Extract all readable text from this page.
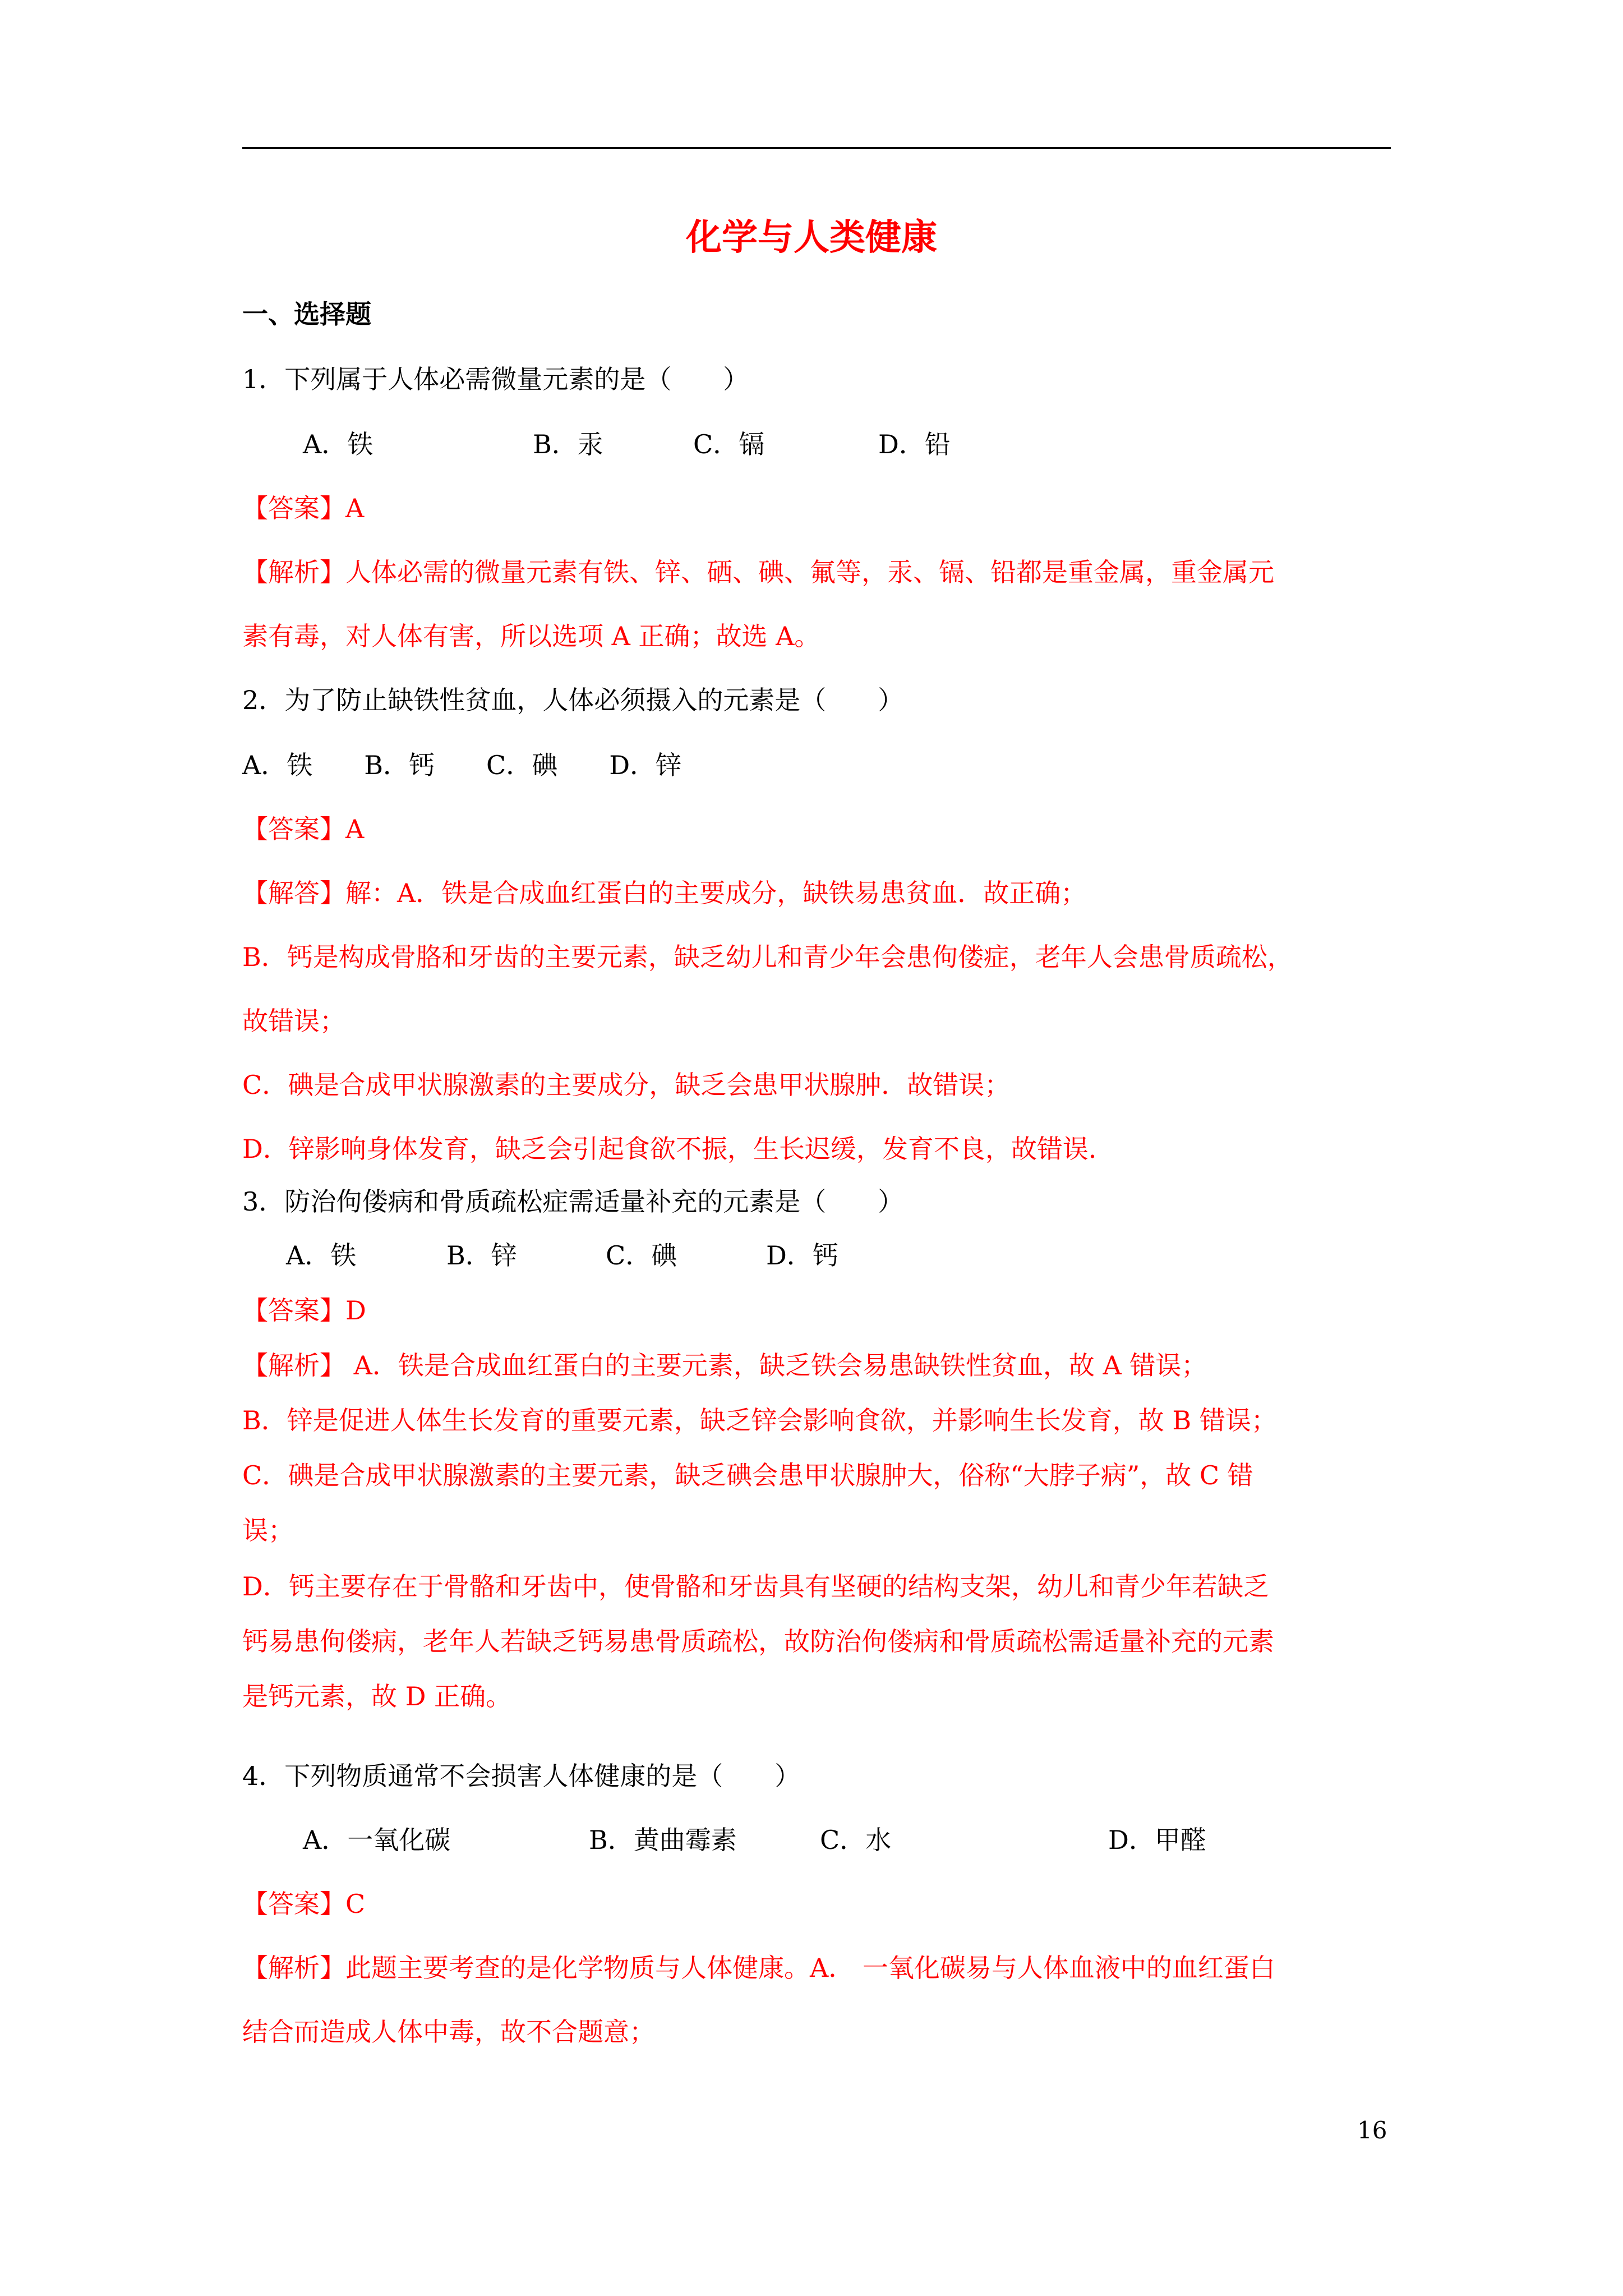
化学与人类健康
一、选择题
1．下列属于人体必需微量元素的是（　　）
A．铁	B．汞	C．镉	D．铅
【答案】A
【解析】人体必需的微量元素有铁、锌、硒、碘、氟等，汞、镉、铅都是重金属，重金属元
素有毒，对人体有害，所以选项 A 正确；故选 A。
2．为了防止缺铁性贫血，人体必须摄入的元素是（　　）
A．铁　　B．钙　　C．碘　　D．锌
【答案】A
【解答】解：A．铁是合成血红蛋白的主要成分，缺铁易患贫血．故正确；
B．钙是构成骨胳和牙齿的主要元素，缺乏幼儿和青少年会患佝偻症，老年人会患骨质疏松，
故错误；
C．碘是合成甲状腺激素的主要成分，缺乏会患甲状腺肿．故错误；
D．锌影响身体发育，缺乏会引起食欲不振，生长迟缓，发育不良，故错误．
3．防治佝偻病和骨质疏松症需适量补充的元素是（　　）
A．铁	B．锌	C．碘	D．钙
【答案】D
【解析】 A．铁是合成血红蛋白的主要元素，缺乏铁会易患缺铁性贫血，故 A 错误；
B．锌是促进人体生长发育的重要元素，缺乏锌会影响食欲，并影响生长发育，故 B 错误；
C．碘是合成甲状腺激素的主要元素，缺乏碘会患甲状腺肿大，俗称“大脖子病”，故 C 错
误；
D．钙主要存在于骨骼和牙齿中，使骨骼和牙齿具有坚硬的结构支架，幼儿和青少年若缺乏
钙易患佝偻病，老年人若缺乏钙易患骨质疏松，故防治佝偻病和骨质疏松需适量补充的元素
是钙元素，故 D 正确。
4．下列物质通常不会损害人体健康的是（　　）
A．一氧化碳	B．黄曲霉素	C．水	D．甲醛
【答案】C
【解析】此题主要考查的是化学物质与人体健康。A． 一氧化碳易与人体血液中的血红蛋白
结合而造成人体中毒，故不合题意；
16
